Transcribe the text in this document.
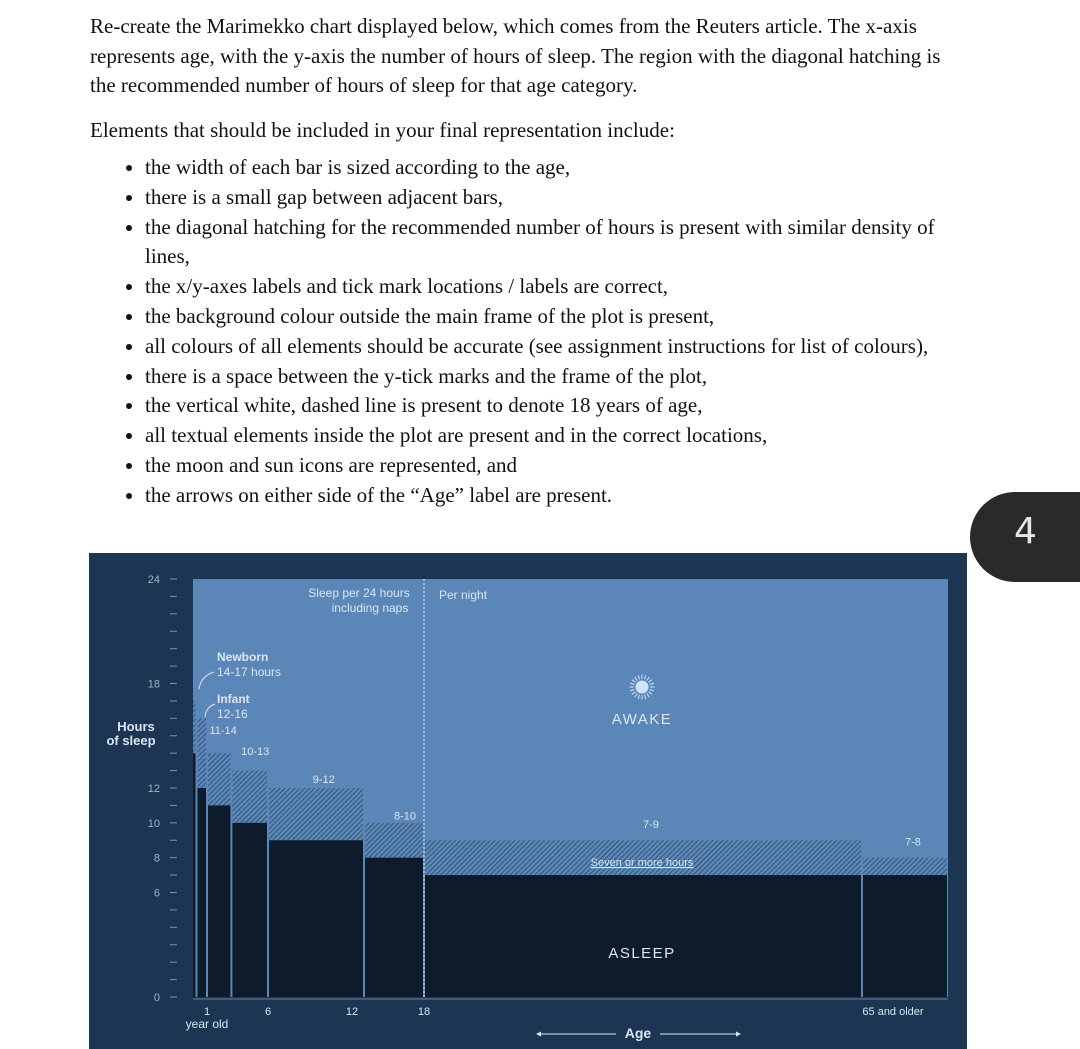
Re-create the Marimekko chart displayed below, which comes from the Reuters article. The x-axis represents age, with the y-axis the number of hours of sleep. The region with the diagonal hatching is the recommended number of hours of sleep for that age category.

Elements that should be included in your final representation include:

• the width of each bar is sized according to the age,
• there is a small gap between adjacent bars,
• the diagonal hatching for the recommended number of hours is present with similar density of lines,
• the x/y-axes labels and tick mark locations / labels are correct,
• the background colour outside the main frame of the plot is present,
• all colours of all elements should be accurate (see assignment instructions for list of colours),
• there is a space between the y-tick marks and the frame of the plot,
• the vertical white, dashed line is present to denote 18 years of age,
• all textual elements inside the plot are present and in the correct locations,
• the moon and sun icons are represented, and
• the arrows on either side of the “Age” label are present.
4
0
6
8
10
12
18
24
Hours of sleep
1	6	12	18	65 and older
year old
Age
11-14
10-13
9-12
8-10
7-9
7-8
Newborn
14-17 hours
Infant
12-16
Sleep per 24 hours
including naps
Per night
AWAKE
ASLEEP
Seven or more hours
